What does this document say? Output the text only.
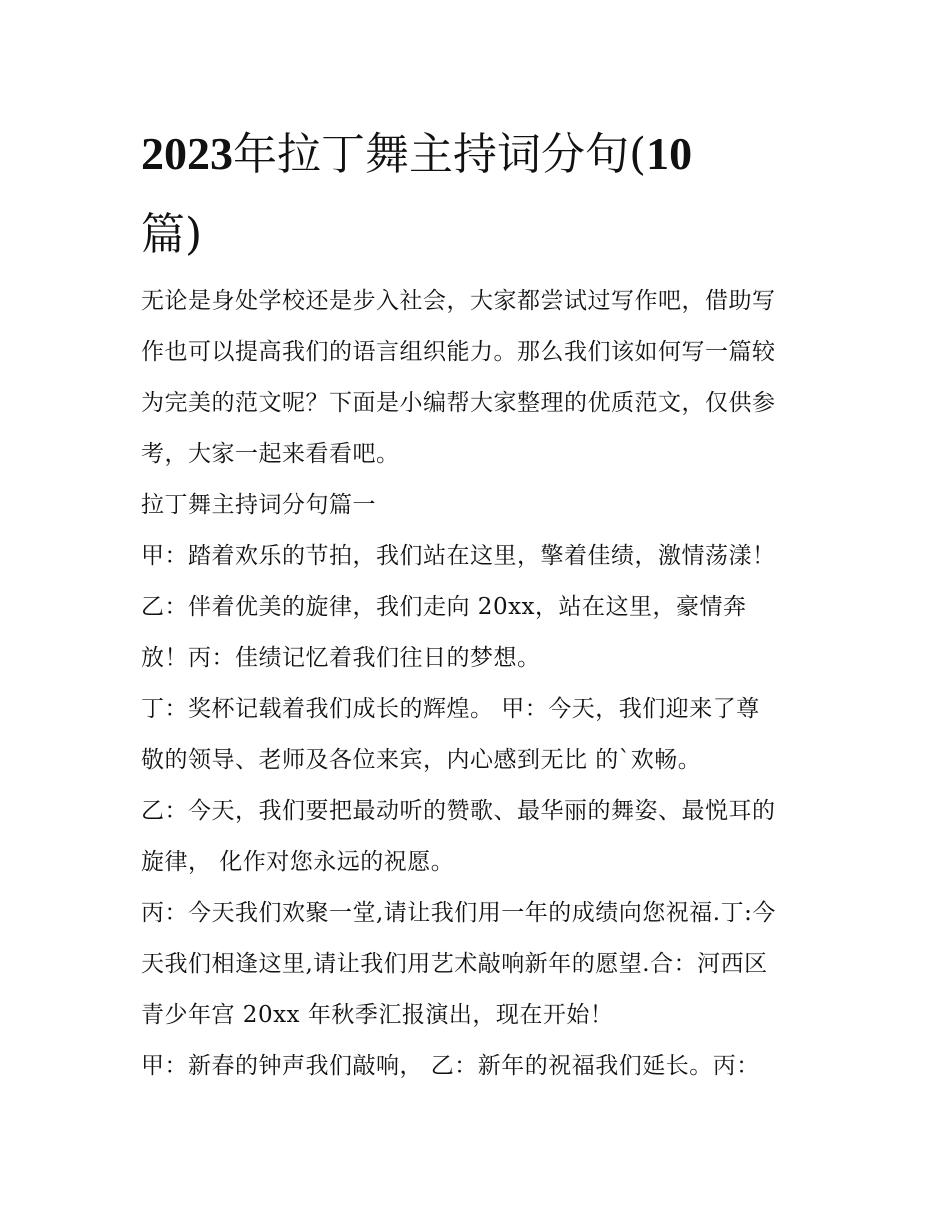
2023年拉丁舞主持词分句(10
篇)
无论是身处学校还是步入社会，大家都尝试过写作吧，借助写
作也可以提高我们的语言组织能力。那么我们该如何写一篇较
为完美的范文呢？下面是小编帮大家整理的优质范文，仅供参
考，大家一起来看看吧。
拉丁舞主持词分句篇一
甲：踏着欢乐的节拍，我们站在这里，擎着佳绩，激情荡漾！
乙：伴着优美的旋律，我们走向 20xx，站在这里，豪情奔
放！丙：佳绩记忆着我们往日的梦想。
丁：奖杯记载着我们成长的辉煌。 甲：今天，我们迎来了尊
敬的领导、老师及各位来宾，内心感到无比 的`欢畅。
乙：今天，我们要把最动听的赞歌、最华丽的舞姿、最悦耳的
旋律， 化作对您永远的祝愿。
丙：今天我们欢聚一堂,请让我们用一年的成绩向您祝福.丁:今
天我们相逢这里,请让我们用艺术敲响新年的愿望.合：河西区
青少年宫 20xx 年秋季汇报演出，现在开始！
甲：新春的钟声我们敲响， 乙：新年的祝福我们延长。丙：
